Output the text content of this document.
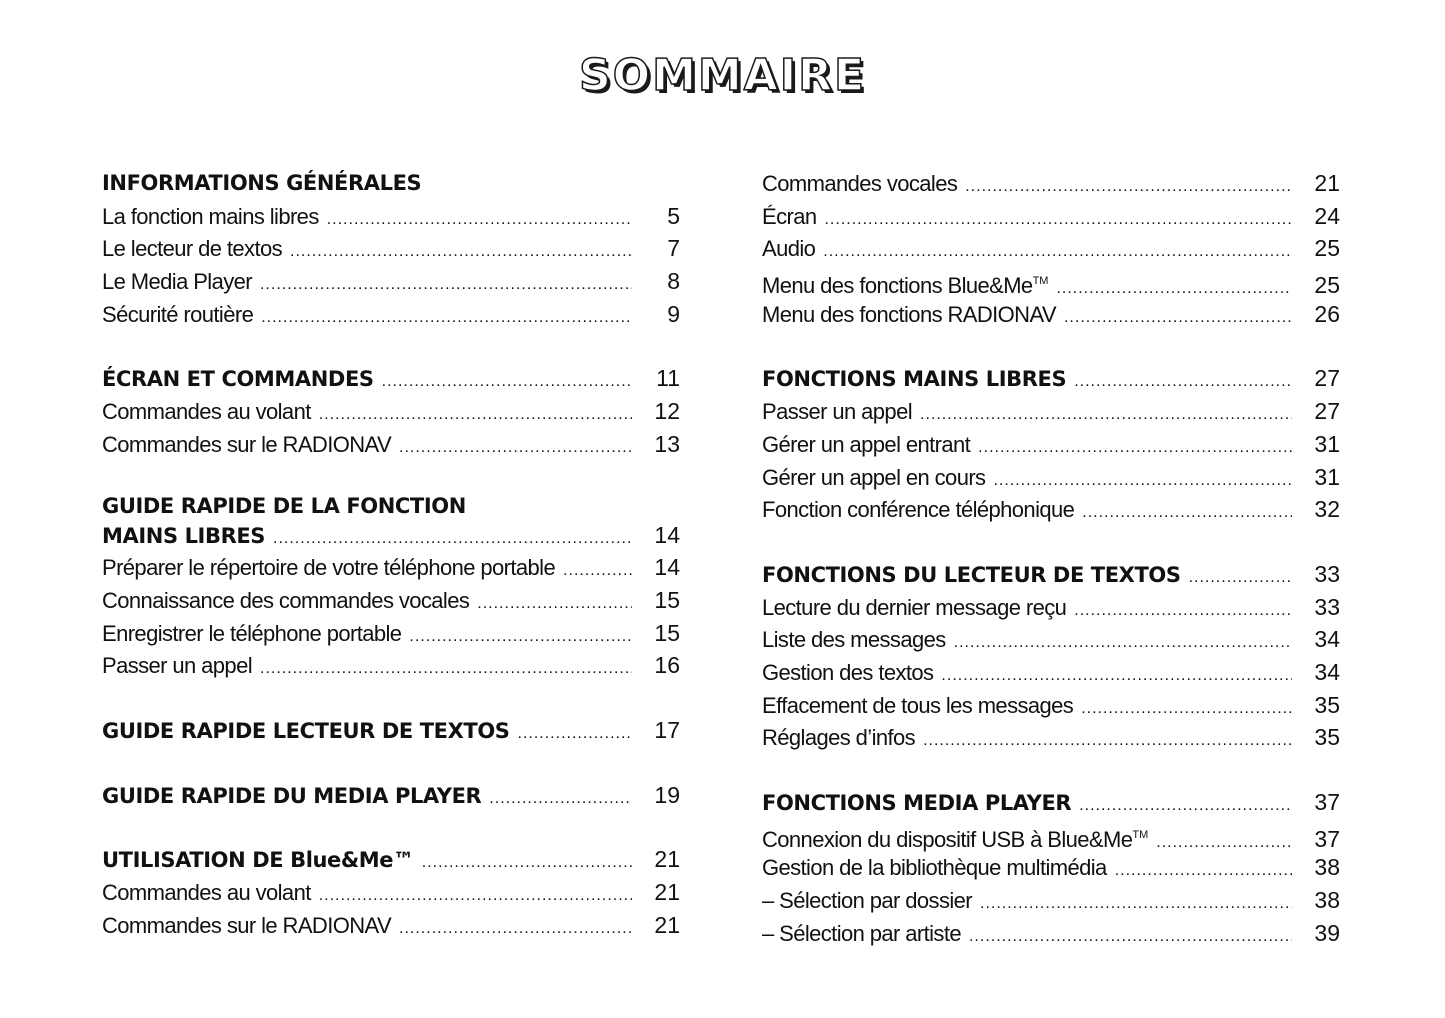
SOMMAIRE
INFORMATIONS GÉNÉRALES
La fonction mains libres .....	5
Le lecteur de textos .....	7
Le Media Player .....	8
Sécurité routière .....	9
ÉCRAN ET COMMANDES .....	11
Commandes au volant .....	12
Commandes sur le RADIONAV .....	13
GUIDE RAPIDE DE LA FONCTION
MAINS LIBRES .....	14
Préparer le répertoire de votre téléphone portable .....	14
Connaissance des commandes vocales .....	15
Enregistrer le téléphone portable .....	15
Passer un appel .....	16
GUIDE RAPIDE LECTEUR DE TEXTOS .....	17
GUIDE RAPIDE DU MEDIA PLAYER .....	19
UTILISATION DE Blue&Me™ .....	21
Commandes au volant .....	21
Commandes sur le RADIONAV .....	21
Commandes vocales .....	21
Écran .....	24
Audio .....	25
Menu des fonctions Blue&Me™ .....	25
Menu des fonctions RADIONAV .....	26
FONCTIONS MAINS LIBRES .....	27
Passer un appel .....	27
Gérer un appel entrant .....	31
Gérer un appel en cours .....	31
Fonction conférence téléphonique .....	32
FONCTIONS DU LECTEUR DE TEXTOS .....	33
Lecture du dernier message reçu .....	33
Liste des messages .....	34
Gestion des textos .....	34
Effacement de tous les messages .....	35
Réglages d’infos .....	35
FONCTIONS MEDIA PLAYER .....	37
Connexion du dispositif USB à Blue&Me™ .....	37
Gestion de la bibliothèque multimédia .....	38
– Sélection par dossier .....	38
– Sélection par artiste .....	39
